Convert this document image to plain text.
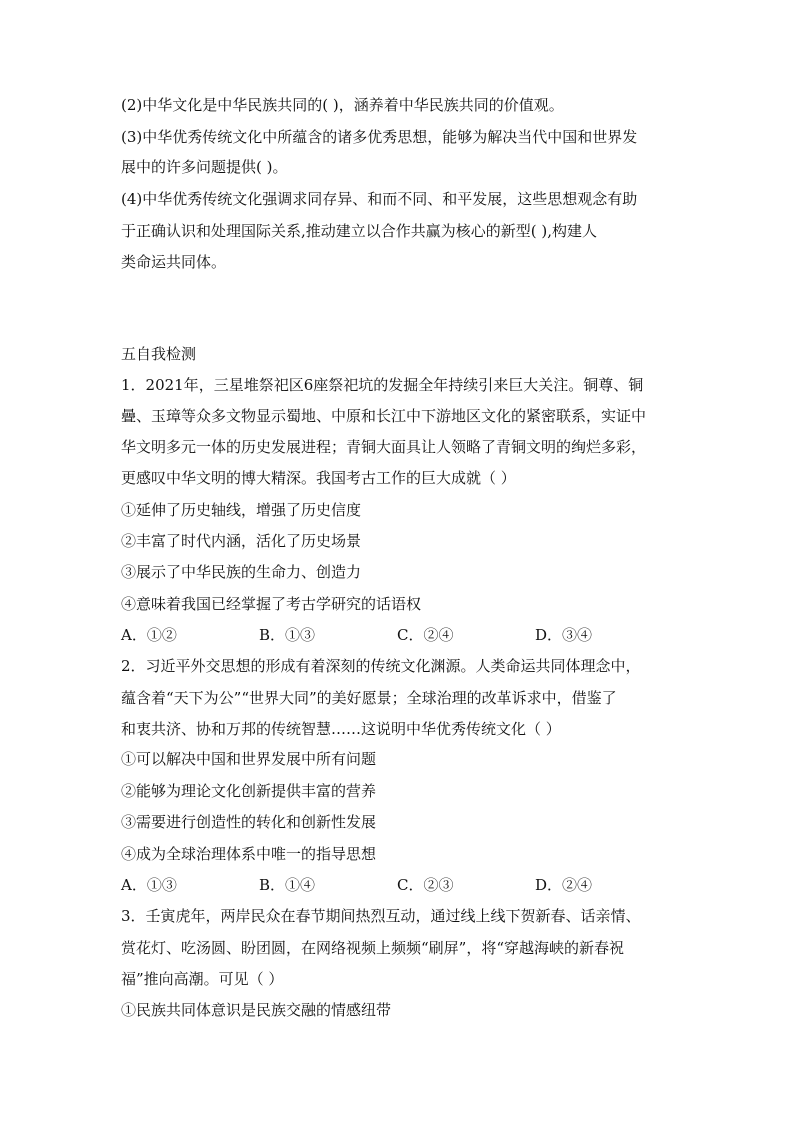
(2)中华文化是中华民族共同的( )，涵养着中华民族共同的价值观。
(3)中华优秀传统文化中所蕴含的诸多优秀思想，能够为解决当代中国和世界发
展中的许多问题提供( )。
(4)中华优秀传统文化强调求同存异、和而不同、和平发展，这些思想观念有助
于正确认识和处理国际关系,推动建立以合作共赢为核心的新型( ),构建人
类命运共同体。
五自我检测
1．2021年，三星堆祭祀区6座祭祀坑的发掘全年持续引来巨大关注。铜尊、铜
曡、玉璋等众多文物显示蜀地、中原和长江中下游地区文化的紧密联系，实证中
华文明多元一体的历史发展进程；青铜大面具让人领略了青铜文明的绚烂多彩，
更感叹中华文明的博大精深。我国考古工作的巨大成就（ ）
①延伸了历史轴线，增强了历史信度
②丰富了时代内涵，活化了历史场景
③展示了中华民族的生命力、创造力
④意味着我国已经掌握了考古学研究的话语权
A．①②	B．①③	C．②④	D．③④
2．习近平外交思想的形成有着深刻的传统文化渊源。人类命运共同体理念中，
蕴含着“天下为公”“世界大同”的美好愿景；全球治理的改革诉求中，借鉴了
和衷共济、协和万邦的传统智慧……这说明中华优秀传统文化（ ）
①可以解决中国和世界发展中所有问题
②能够为理论文化创新提供丰富的营养
③需要进行创造性的转化和创新性发展
④成为全球治理体系中唯一的指导思想
A．①③	B．①④	C．②③	D．②④
3．壬寅虎年，两岸民众在春节期间热烈互动，通过线上线下贺新春、话亲情、
赏花灯、吃汤圆、盼团圆，在网络视频上频频“刷屏”，将“穿越海峡的新春祝
福”推向高潮。可见（ ）
①民族共同体意识是民族交融的情感纽带
